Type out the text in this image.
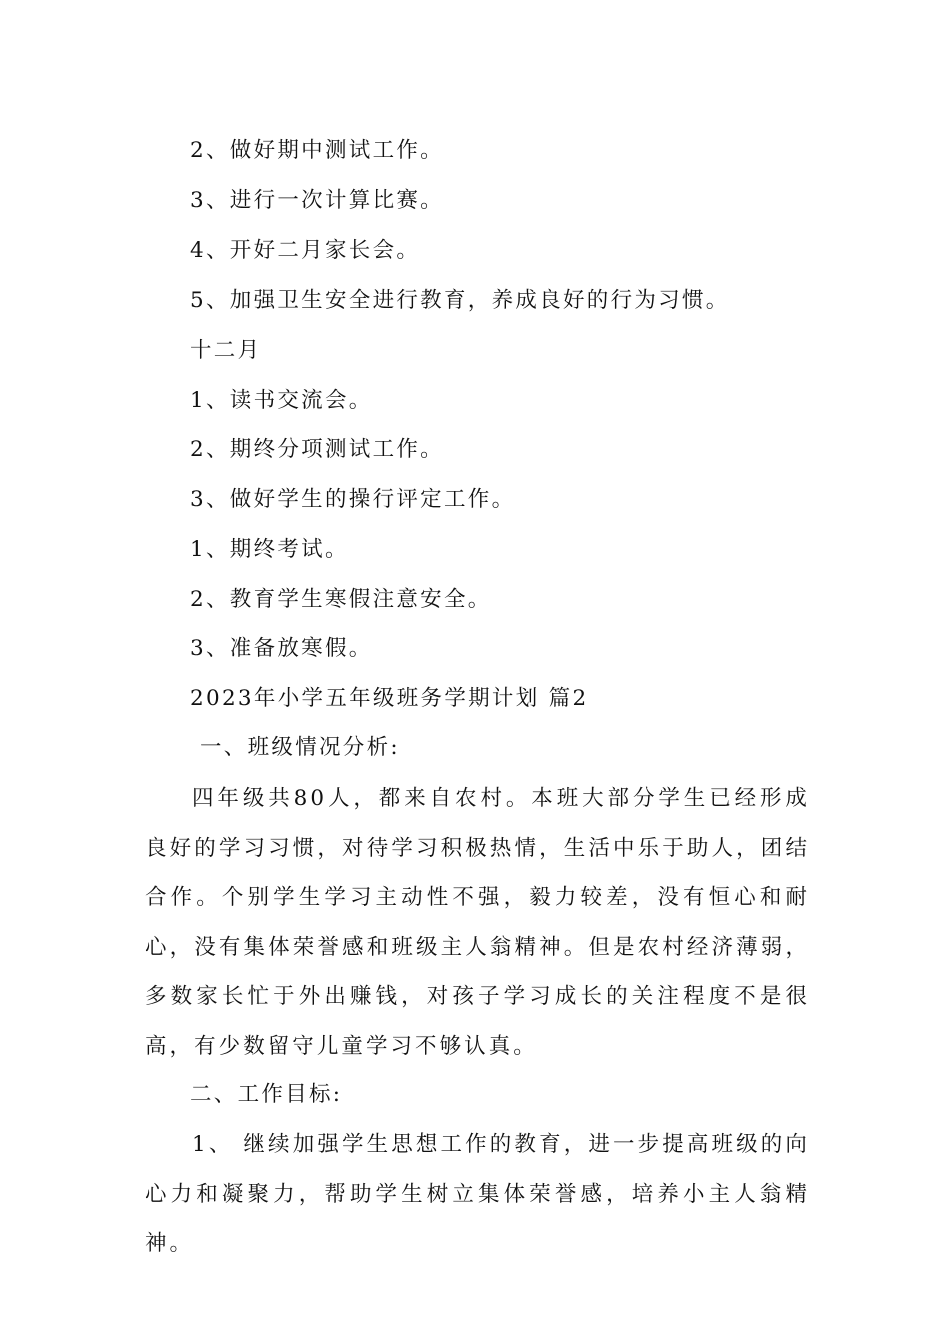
2、做好期中测试工作。
3、进行一次计算比赛。
4、开好二月家长会。
5、加强卫生安全进行教育，养成良好的行为习惯。
十二月
1、读书交流会。
2、期终分项测试工作。
3、做好学生的操行评定工作。
1、期终考试。
2、教育学生寒假注意安全。
3、准备放寒假。
2023年小学五年级班务学期计划 篇2
一、班级情况分析:
四年级共80人，都来自农村。本班大部分学生已经形成良好的学习习惯，对待学习积极热情，生活中乐于助人，团结合作。个别学生学习主动性不强，毅力较差，没有恒心和耐心，没有集体荣誉感和班级主人翁精神。但是农村经济薄弱，多数家长忙于外出赚钱，对孩子学习成长的关注程度不是很高，有少数留守儿童学习不够认真。
二、工作目标:
1、 继续加强学生思想工作的教育，进一步提高班级的向心力和凝聚力，帮助学生树立集体荣誉感，培养小主人翁精神。
